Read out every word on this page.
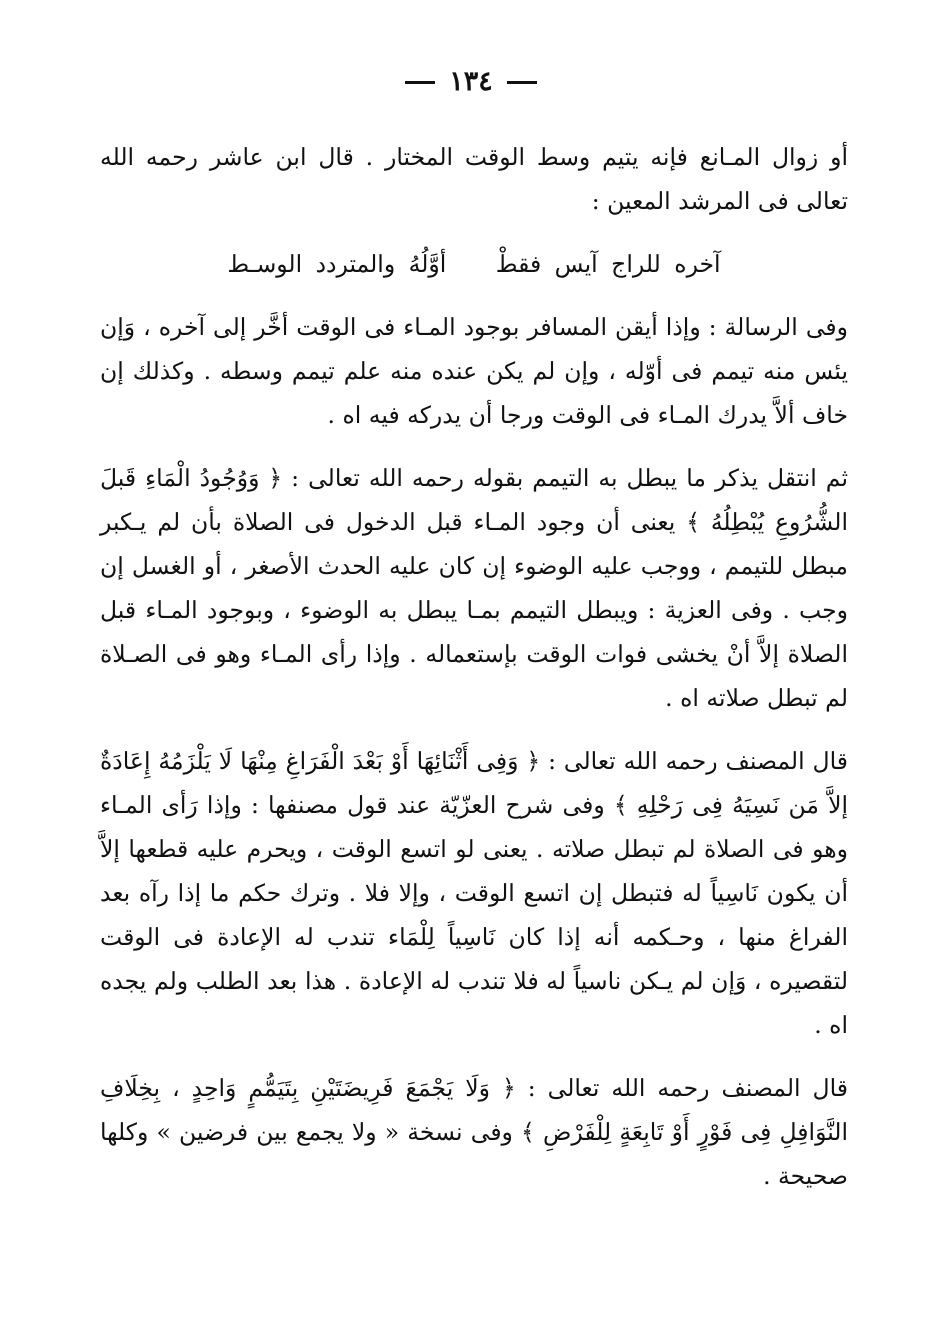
١٣٤

أو زوال المـانع فإنه يتيم وسط الوقت المختار . قال ابن عاشر رحمه الله تعالى فى المرشد المعين :

آخره للراج آيس فقطْ أوَّلُهُ والمتردد الوسـط

وفى الرسالة : وإذا أيقن المسافر بوجود المـاء فى الوقت أخَّر إلى آخره ، وَإن يئس منه تيمم فى أوّله ، وإن لم يكن عنده منه علم تيمم وسطه . وكذلك إن خاف ألاَّ يدرك المـاء فى الوقت ورجا أن يدركه فيه اه .

ثم انتقل يذكر ما يبطل به التيمم بقوله رحمه الله تعالى : ﴿ وَوُجُودُ الْمَاءِ قَبلَ الشُّرُوعِ يُبْطِلُهُ ﴾ يعنى أن وجود المـاء قبل الدخول فى الصلاة بأن لم يـكبر مبطل للتيمم ، ووجب عليه الوضوء إن كان عليه الحدث الأصغر ، أو الغسل إن وجب . وفى العزية : ويبطل التيمم بمـا يبطل به الوضوء ، وبوجود المـاء قبل الصلاة إلاَّ أنْ يخشى فوات الوقت بإستعماله . وإذا رأى المـاء وهو فى الصـلاة لم تبطل صلاته اه .

قال المصنف رحمه الله تعالى : ﴿ وَفِى أَثْنَائِهَا أَوْ بَعْدَ الْفَرَاغِ مِنْهَا لَا يَلْزَمُهُ إِعَادَةٌ إلاَّ مَن نَسِيَهُ فِى رَحْلِهِ ﴾ وفى شرح العزّيّة عند قول مصنفها : وإذا رَأى المـاء وهو فى الصلاة لم تبطل صلاته . يعنى لو اتسع الوقت ، ويحرم عليه قطعها إلاَّ أن يكون نَاسِياً له فتبطل إن اتسع الوقت ، وإلا فلا . وترك حكم ما إذا رآه بعد الفراغ منها ، وحـكمه أنه إذا كان نَاسِياً لِلْمَاء تندب له الإعادة فى الوقت لتقصيره ، وَإن لم يـكن ناسياً له فلا تندب له الإعادة . هذا بعد الطلب ولم يجده اه .

قال المصنف رحمه الله تعالى : ﴿ وَلَا يَجْمَعَ فَرِيضَتَيْنِ بِتَيَمُّمٍ وَاحِدٍ ، بِخِلَافِ النَّوَافِلِ فِى فَوْرٍ أَوْ تَابِعَةٍ لِلْفَرْضِ ﴾ وفى نسخة « ولا يجمع بين فرضين » وكلها صحيحة .
